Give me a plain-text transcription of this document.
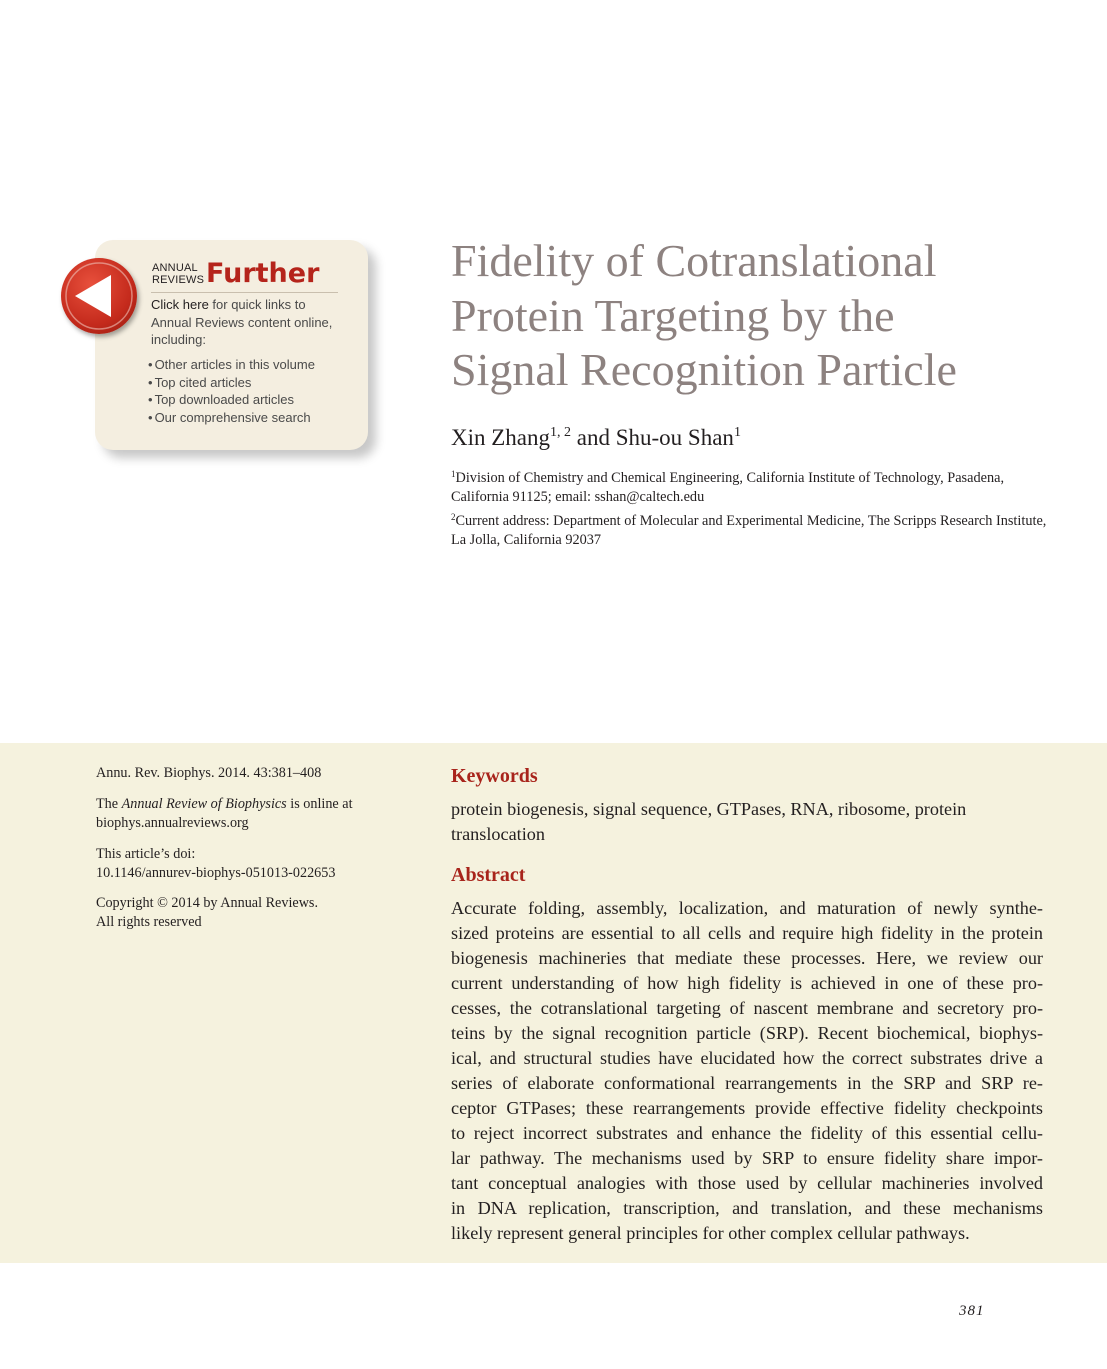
ANNUAL
REVIEWS Further
Click here for quick links to Annual Reviews content online, including:
• Other articles in this volume
• Top cited articles
• Top downloaded articles
• Our comprehensive search
Fidelity of Cotranslational
Protein Targeting by the
Signal Recognition Particle
Xin Zhang$^{1, 2}$ and Shu-ou Shan$^1$
$^1$Division of Chemistry and Chemical Engineering, California Institute of Technology, Pasadena, California 91125; email: sshan@caltech.edu
$^2$Current address: Department of Molecular and Experimental Medicine, The Scripps Research Institute, La Jolla, California 92037
Annu. Rev. Biophys. 2014. 43:381–408
The Annual Review of Biophysics is online at biophys.annualreviews.org
This article’s doi:
10.1146/annurev-biophys-051013-022653
Copyright © 2014 by Annual Reviews.
All rights reserved
Keywords
protein biogenesis, signal sequence, GTPases, RNA, ribosome, protein translocation
Abstract
Accurate folding, assembly, localization, and maturation of newly synthe-
sized proteins are essential to all cells and require high fidelity in the protein
biogenesis machineries that mediate these processes. Here, we review our
current understanding of how high fidelity is achieved in one of these pro-
cesses, the cotranslational targeting of nascent membrane and secretory pro-
teins by the signal recognition particle (SRP). Recent biochemical, biophys-
ical, and structural studies have elucidated how the correct substrates drive a
series of elaborate conformational rearrangements in the SRP and SRP re-
ceptor GTPases; these rearrangements provide effective fidelity checkpoints
to reject incorrect substrates and enhance the fidelity of this essential cellu-
lar pathway. The mechanisms used by SRP to ensure fidelity share impor-
tant conceptual analogies with those used by cellular machineries involved
in DNA replication, transcription, and translation, and these mechanisms
likely represent general principles for other complex cellular pathways.
381
